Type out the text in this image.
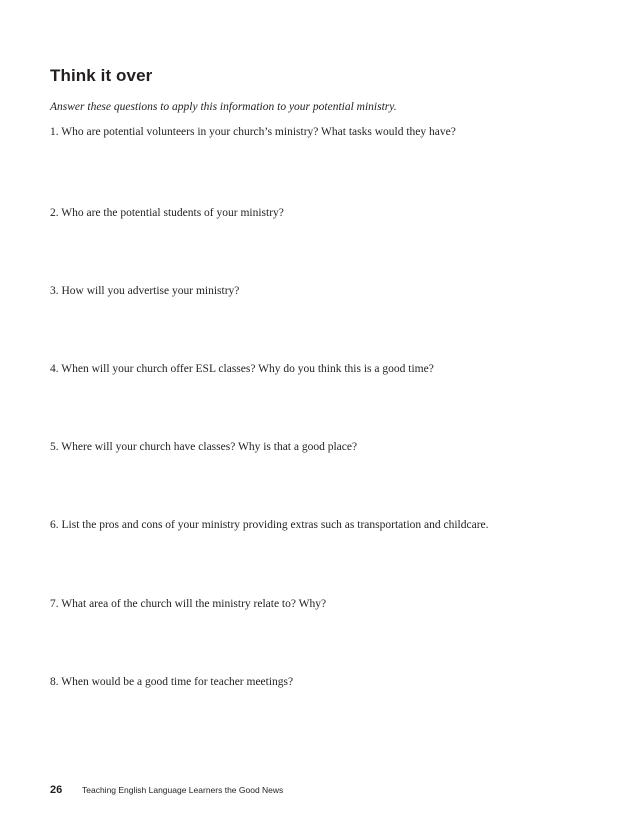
Think it over

Answer these questions to apply this information to your potential ministry.

1. Who are potential volunteers in your church’s ministry? What tasks would they have?

2. Who are the potential students of your ministry?

3. How will you advertise your ministry?

4. When will your church offer ESL classes? Why do you think this is a good time?

5. Where will your church have classes? Why is that a good place?

6. List the pros and cons of your ministry providing extras such as transportation and childcare.

7. What area of the church will the ministry relate to? Why?

8. When would be a good time for teacher meetings?

26	Teaching English Language Learners the Good News
